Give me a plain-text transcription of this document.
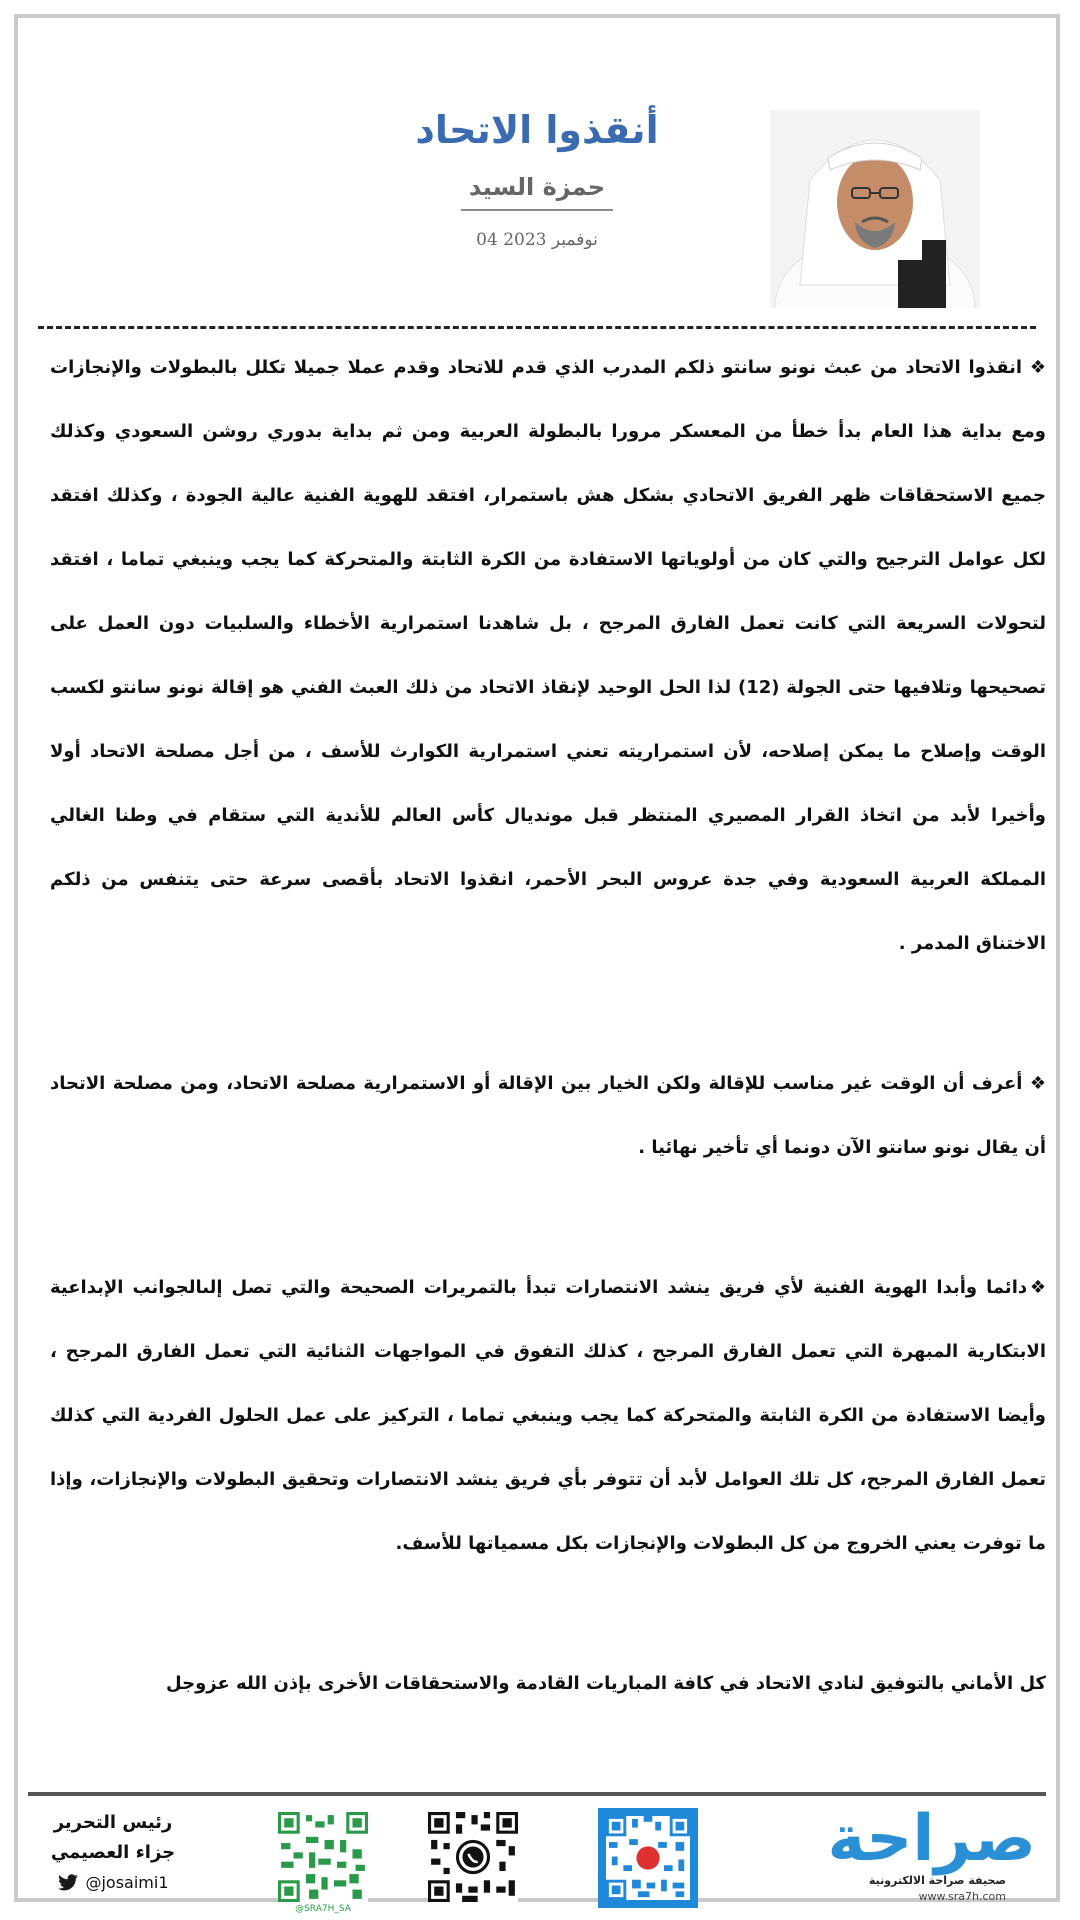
أنقذوا الاتحاد
حمزة السيد
04 نوفمبر 2023

❖ انقذوا الاتحاد من عبث نونو سانتو ذلكم المدرب الذي قدم للاتحاد وقدم عملا جميلا تكلل بالبطولات والإنجازات ومع بداية هذا العام بدأ خطأ من المعسكر مرورا بالبطولة العربية ومن ثم بداية بدوري روشن السعودي وكذلك جميع الاستحقاقات ظهر الفريق الاتحادي بشكل هش باستمرار، افتقد للهوية الفنية عالية الجودة ، وكذلك افتقد لكل عوامل الترجيح والتي كان من أولوياتها الاستفادة من الكرة الثابتة والمتحركة كما يجب وينبغي تماما ، افتقد لتحولات السريعة التي كانت تعمل الفارق المرجح ، بل شاهدنا استمرارية الأخطاء والسلبيات دون العمل على تصحيحها وتلافيها حتى الجولة (12) لذا الحل الوحيد لإنقاذ الاتحاد من ذلك العبث الفني هو إقالة نونو سانتو لكسب الوقت وإصلاح ما يمكن إصلاحه، لأن استمراريته تعني استمرارية الكوارث للأسف ، من أجل مصلحة الاتحاد أولا وأخيرا لأبد من اتخاذ القرار المصيري المنتظر قبل مونديال كأس العالم للأندية التي ستقام في وطنا الغالي المملكة العربية السعودية وفي جدة عروس البحر الأحمر، انقذوا الاتحاد بأقصى سرعة حتى يتنفس من ذلكم الاختناق المدمر .

❖ أعرف أن الوقت غير مناسب للإقالة ولكن الخيار بين الإقالة أو الاستمرارية مصلحة الاتحاد، ومن مصلحة الاتحاد أن يقال نونو سانتو الآن دونما أي تأخير نهائيا .

❖دائما وأبدا الهوية الفنية لأي فريق ينشد الانتصارات تبدأ بالتمريرات الصحيحة والتي تصل إلىالجوانب الإبداعية الابتكارية المبهرة التي تعمل الفارق المرجح ، كذلك التفوق في المواجهات الثنائية التي تعمل الفارق المرجح ، وأيضا الاستفادة من الكرة الثابتة والمتحركة كما يجب وينبغي تماما ، التركيز على عمل الحلول الفردية التي كذلك تعمل الفارق المرجح، كل تلك العوامل لأبد أن تتوفر بأي فريق ينشد الانتصارات وتحقيق البطولات والإنجازات، وإذا ما توفرت يعني الخروج من كل البطولات والإنجازات بكل مسمياتها للأسف.

كل الأماني بالتوفيق لنادي الاتحاد في كافة المباريات القادمة والاستحقاقات الأخرى بإذن الله عزوجل

رئيس التحرير
جزاء العصيمي
@josaimi1
@SRA7H_SA
صراحة
صحيفة صراحة الالكترونية
www.sra7h.com
